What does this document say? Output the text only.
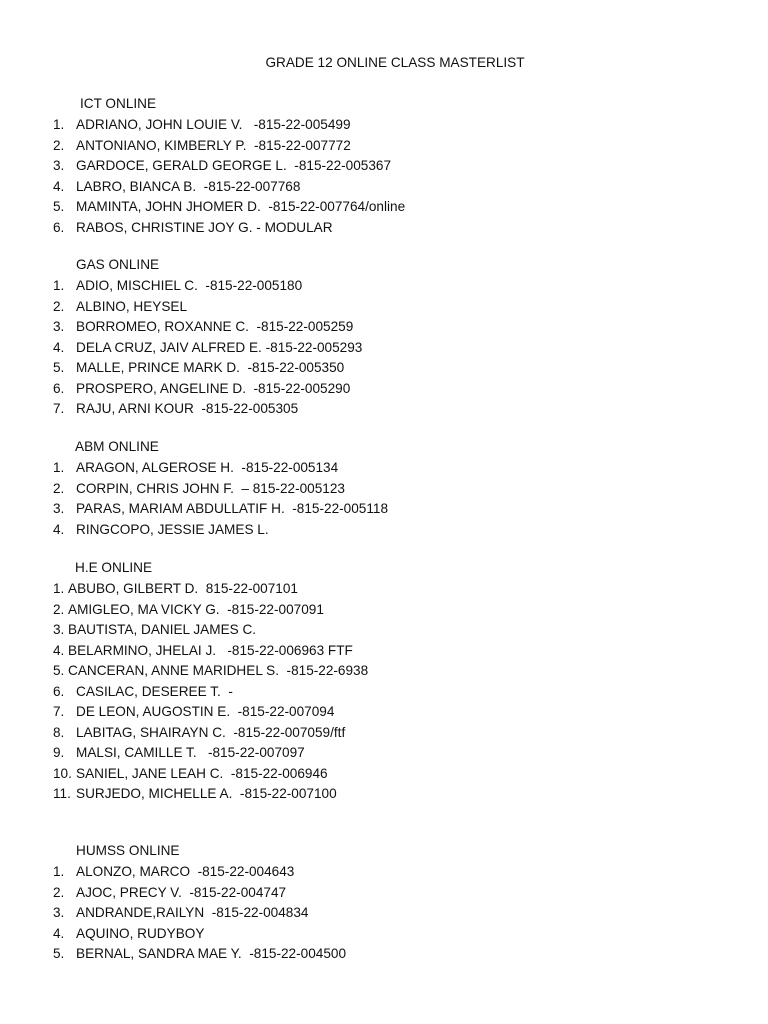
GRADE 12 ONLINE CLASS MASTERLIST
ICT ONLINE
1. ADRIANO, JOHN LOUIE V.   -815-22-005499
2. ANTONIANO, KIMBERLY P.  -815-22-007772
3. GARDOCE, GERALD GEORGE L.  -815-22-005367
4. LABRO, BIANCA B.  -815-22-007768
5. MAMINTA, JOHN JHOMER D.  -815-22-007764/online
6. RABOS, CHRISTINE JOY G. - MODULAR
GAS ONLINE
1. ADIO, MISCHIEL C.  -815-22-005180
2. ALBINO, HEYSEL
3. BORROMEO, ROXANNE C.  -815-22-005259
4. DELA CRUZ, JAIV ALFRED E. -815-22-005293
5. MALLE, PRINCE MARK D.  -815-22-005350
6. PROSPERO, ANGELINE D.  -815-22-005290
7. RAJU, ARNI KOUR  -815-22-005305
ABM ONLINE
1. ARAGON, ALGEROSE H.  -815-22-005134
2. CORPIN, CHRIS JOHN F.  – 815-22-005123
3. PARAS, MARIAM ABDULLATIF H.  -815-22-005118
4. RINGCOPO, JESSIE JAMES L.
H.E ONLINE
1. ABUBO, GILBERT D.  815-22-007101
2. AMIGLEO, MA VICKY G.  -815-22-007091
3. BAUTISTA, DANIEL JAMES C.
4. BELARMINO, JHELAI J.   -815-22-006963 FTF
5. CANCERAN, ANNE MARIDHEL S.  -815-22-6938
6. CASILAC, DESEREE T.  -
7. DE LEON, AUGOSTIN E.  -815-22-007094
8. LABITAG, SHAIRAYN C.  -815-22-007059/ftf
9. MALSI, CAMILLE T.   -815-22-007097
10. SANIEL, JANE LEAH C.  -815-22-006946
11. SURJEDO, MICHELLE A.  -815-22-007100
HUMSS ONLINE
1. ALONZO, MARCO  -815-22-004643
2. AJOC, PRECY V.  -815-22-004747
3. ANDRANDE,RAILYN  -815-22-004834
4. AQUINO, RUDYBOY
5. BERNAL, SANDRA MAE Y.  -815-22-004500
